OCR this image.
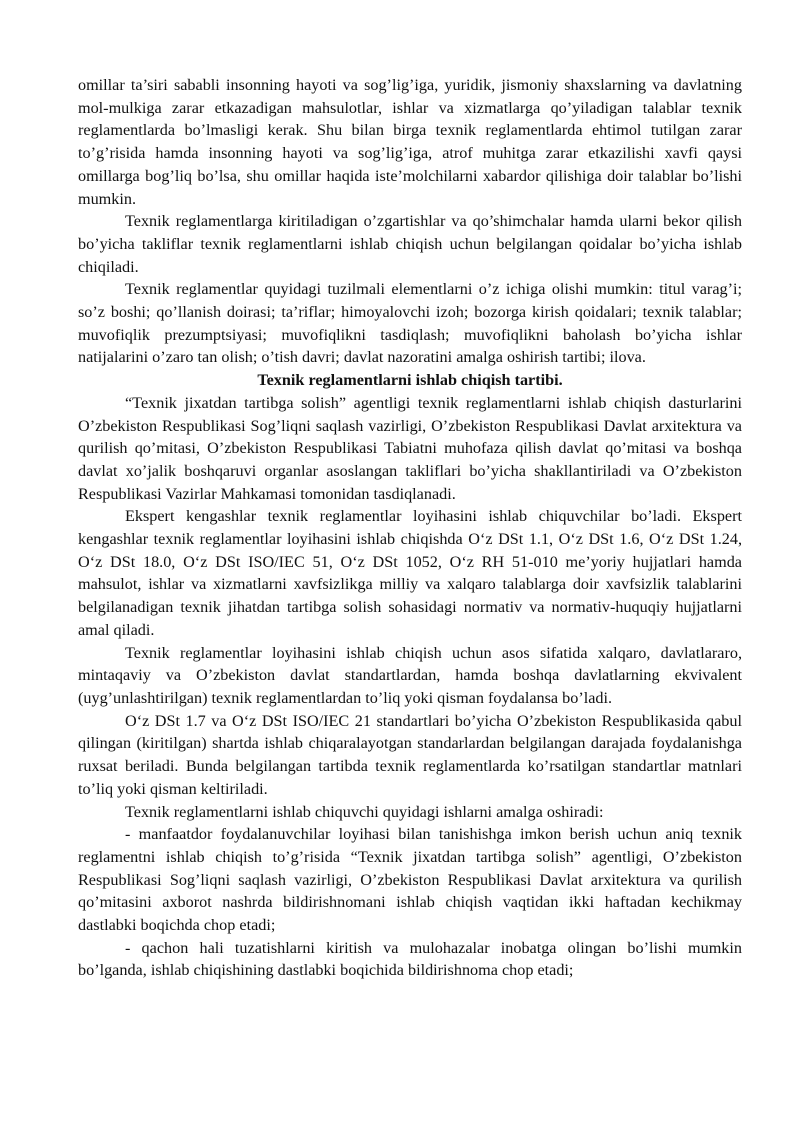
omillar ta’siri sababli insonning hayoti va sog’lig’iga, yuridik, jismoniy shaxslarning va davlatning mol-mulkiga zarar etkazadigan mahsulotlar, ishlar va xizmatlarga qo’yiladigan talablar texnik reglamentlarda bo’lmasligi kerak. Shu bilan birga texnik reglamentlarda ehtimol tutilgan zarar to’g’risida hamda insonning hayoti va sog’lig’iga, atrof muhitga zarar etkazilishi xavfi qaysi omillarga bog’liq bo’lsa, shu omillar haqida iste’molchilarni xabardor qilishiga doir talablar bo’lishi mumkin.

Texnik reglamentlarga kiritiladigan o’zgartishlar va qo’shimchalar hamda ularni bekor qilish bo’yicha takliflar texnik reglamentlarni ishlab chiqish uchun belgilangan qoidalar bo’yicha ishlab chiqiladi.

Texnik reglamentlar quyidagi tuzilmali elementlarni o’z ichiga olishi mumkin: titul varag’i; so’z boshi; qo’llanish doirasi; ta’riflar; himoyalovchi izoh; bozorga kirish qoidalari; texnik talablar; muvofiqlik prezumptsiyasi; muvofiqlikni tasdiqlash; muvofiqlikni baholash bo’yicha ishlar natijalarini o’zaro tan olish; o’tish davri; davlat nazoratini amalga oshirish tartibi; ilova.

Texnik reglamentlarni ishlab chiqish tartibi.

“Texnik jixatdan tartibga solish” agentligi texnik reglamentlarni ishlab chiqish dasturlarini O’zbekiston Respublikasi Sog’liqni saqlash vazirligi, O’zbekiston Respublikasi Davlat arxitektura va qurilish qo’mitasi, O’zbekiston Respublikasi Tabiatni muhofaza qilish davlat qo’mitasi va boshqa davlat xo’jalik boshqaruvi organlar asoslangan takliflari bo’yicha shakllantiriladi va O’zbekiston Respublikasi Vazirlar Mahkamasi tomonidan tasdiqlanadi.

Ekspert kengashlar texnik reglamentlar loyihasini ishlab chiquvchilar bo’ladi. Ekspert kengashlar texnik reglamentlar loyihasini ishlab chiqishda O‘z DSt 1.1, O‘z DSt 1.6, O‘z DSt 1.24, O‘z DSt 18.0, O‘z DSt ISO/IEC 51, O‘z DSt 1052, O‘z RH 51-010 me’yoriy hujjatlari hamda mahsulot, ishlar va xizmatlarni xavfsizlikga milliy va xalqaro talablarga doir xavfsizlik talablarini belgilanadigan texnik jihatdan tartibga solish sohasidagi normativ va normativ-huquqiy hujjatlarni amal qiladi.

Texnik reglamentlar loyihasini ishlab chiqish uchun asos sifatida xalqaro, davlatlararo, mintaqaviy va O’zbekiston davlat standartlardan, hamda boshqa davlatlarning ekvivalent (uyg’unlashtirilgan) texnik reglamentlardan to’liq yoki qisman foydalansa bo’ladi.

O‘z DSt 1.7 va O‘z DSt ISO/IEC 21 standartlari bo’yicha O’zbekiston Respublikasida qabul qilingan (kiritilgan) shartda ishlab chiqaralayotgan standarlardan belgilangan darajada foydalanishga ruxsat beriladi. Bunda belgilangan tartibda texnik reglamentlarda ko’rsatilgan standartlar matnlari to’liq yoki qisman keltiriladi.

Texnik reglamentlarni ishlab chiquvchi quyidagi ishlarni amalga oshiradi:

- manfaatdor foydalanuvchilar loyihasi bilan tanishishga imkon berish uchun aniq texnik reglamentni ishlab chiqish to’g’risida “Texnik jixatdan tartibga solish” agentligi, O’zbekiston Respublikasi Sog’liqni saqlash vazirligi, O’zbekiston Respublikasi Davlat arxitektura va qurilish qo’mitasini axborot nashrda bildirishnomani ishlab chiqish vaqtidan ikki haftadan kechikmay dastlabki boqichda chop etadi;

- qachon hali tuzatishlarni kiritish va mulohazalar inobatga olingan bo’lishi mumkin bo’lganda, ishlab chiqishining dastlabki boqichida bildirishnoma chop etadi;
